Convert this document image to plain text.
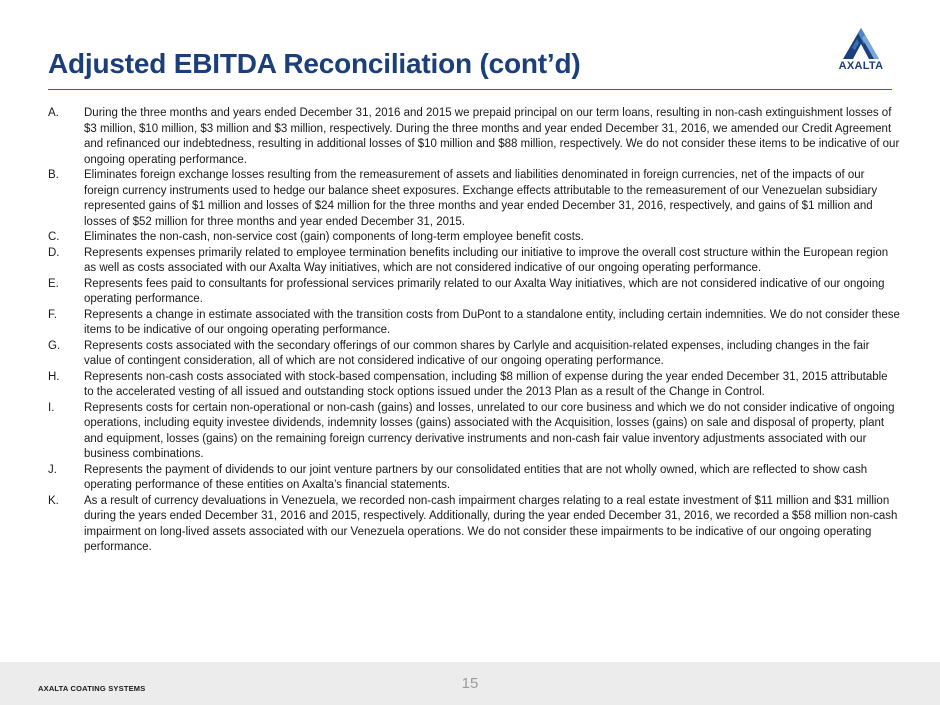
Adjusted EBITDA Reconciliation (cont’d)	AXALTA
A.	During the three months and years ended December 31, 2016 and 2015 we prepaid principal on our term loans, resulting in non-cash extinguishment losses of $3 million, $10 million, $3 million and $3 million, respectively. During the three months and year ended December 31, 2016, we amended our Credit Agreement and refinanced our indebtedness, resulting in additional losses of $10 million and $88 million, respectively. We do not consider these items to be indicative of our ongoing operating performance.
B.	Eliminates foreign exchange losses resulting from the remeasurement of assets and liabilities denominated in foreign currencies, net of the impacts of our foreign currency instruments used to hedge our balance sheet exposures. Exchange effects attributable to the remeasurement of our Venezuelan subsidiary represented gains of $1 million and losses of $24 million for the three months and year ended December 31, 2016, respectively, and gains of $1 million and losses of $52 million for three months and year ended December 31, 2015.
C.	Eliminates the non-cash, non-service cost (gain) components of long-term employee benefit costs.
D.	Represents expenses primarily related to employee termination benefits including our initiative to improve the overall cost structure within the European region as well as costs associated with our Axalta Way initiatives, which are not considered indicative of our ongoing operating performance.
E.	Represents fees paid to consultants for professional services primarily related to our Axalta Way initiatives, which are not considered indicative of our ongoing operating performance.
F.	Represents a change in estimate associated with the transition costs from DuPont to a standalone entity, including certain indemnities. We do not consider these items to be indicative of our ongoing operating performance.
G.	Represents costs associated with the secondary offerings of our common shares by Carlyle and acquisition-related expenses, including changes in the fair value of contingent consideration, all of which are not considered indicative of our ongoing operating performance.
H.	Represents non-cash costs associated with stock-based compensation, including $8 million of expense during the year ended December 31, 2015 attributable to the accelerated vesting of all issued and outstanding stock options issued under the 2013 Plan as a result of the Change in Control.
I.	Represents costs for certain non-operational or non-cash (gains) and losses, unrelated to our core business and which we do not consider indicative of ongoing operations, including equity investee dividends, indemnity losses (gains) associated with the Acquisition, losses (gains) on sale and disposal of property, plant and equipment, losses (gains) on the remaining foreign currency derivative instruments and non-cash fair value inventory adjustments associated with our business combinations.
J.	Represents the payment of dividends to our joint venture partners by our consolidated entities that are not wholly owned, which are reflected to show cash operating performance of these entities on Axalta’s financial statements.
K.	As a result of currency devaluations in Venezuela, we recorded non-cash impairment charges relating to a real estate investment of $11 million and $31 million during the years ended December 31, 2016 and 2015, respectively. Additionally, during the year ended December 31, 2016, we recorded a $58 million non-cash impairment on long-lived assets associated with our Venezuela operations. We do not consider these impairments to be indicative of our ongoing operating performance.
AXALTA COATING SYSTEMS	15
